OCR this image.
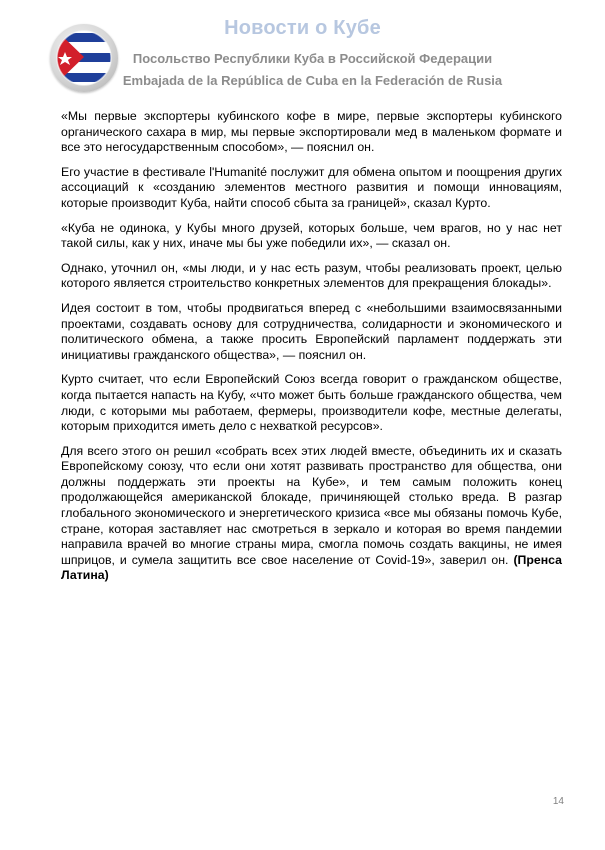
Новости о Кубе
Посольство Республики Куба в Российской Федерации
Embajada de la República de Cuba en la Federación de Rusia

«Мы первые экспортеры кубинского кофе в мире, первые экспортеры кубинского органического сахара в мир, мы первые экспортировали мед в маленьком формате и все это негосударственным способом», — пояснил он.

Его участие в фестивале l'Humanité послужит для обмена опытом и поощрения других ассоциаций к «созданию элементов местного развития и помощи инновациям, которые производит Куба, найти способ сбыта за границей», сказал Курто.

«Куба не одинока, у Кубы много друзей, которых больше, чем врагов, но у нас нет такой силы, как у них, иначе мы бы уже победили их», — сказал он.

Однако, уточнил он, «мы люди, и у нас есть разум, чтобы реализовать проект, целью которого является строительство конкретных элементов для прекращения блокады».

Идея состоит в том, чтобы продвигаться вперед с «небольшими взаимосвязанными проектами, создавать основу для сотрудничества, солидарности и экономического и политического обмена, а также просить Европейский парламент поддержать эти инициативы гражданского общества», — пояснил он.

Курто считает, что если Европейский Союз всегда говорит о гражданском обществе, когда пытается напасть на Кубу, «что может быть больше гражданского общества, чем люди, с которыми мы работаем, фермеры, производители кофе, местные делегаты, которым приходится иметь дело с нехваткой ресурсов».

Для всего этого он решил «собрать всех этих людей вместе, объединить их и сказать Европейскому союзу, что если они хотят развивать пространство для общества, они должны поддержать эти проекты на Кубе», и тем самым положить конец продолжающейся американской блокаде, причиняющей столько вреда. В разгар глобального экономического и энергетического кризиса «все мы обязаны помочь Кубе, стране, которая заставляет нас смотреться в зеркало и которая во время пандемии направила врачей во многие страны мира, смогла помочь создать вакцины, не имея шприцов, и сумела защитить все свое население от Covid-19», заверил он. (Пренса Латина)

14
